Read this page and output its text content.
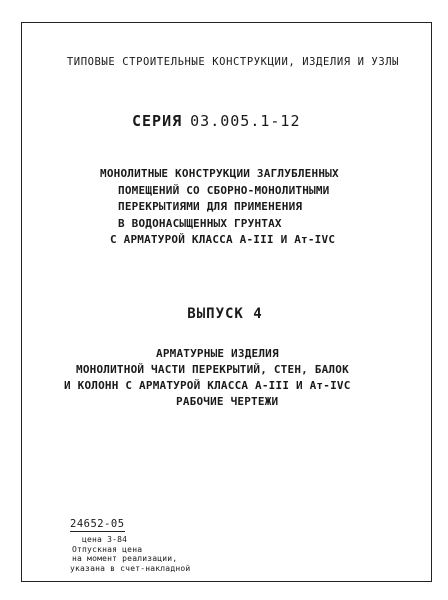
ТИПОВЫЕ СТРОИТЕЛЬНЫЕ КОНСТРУКЦИИ, ИЗДЕЛИЯ И УЗЛЫ
СЕРИЯ 03.005.1-12
МОНОЛИТНЫЕ КОНСТРУКЦИИ ЗАГЛУБЛЕННЫХ
ПОМЕЩЕНИЙ СО СБОРНО-МОНОЛИТНЫМИ
ПЕРЕКРЫТИЯМИ ДЛЯ ПРИМЕНЕНИЯ
В ВОДОНАСЫЩЕННЫХ ГРУНТАХ
С АРМАТУРОЙ КЛАССА А-III И Ат-IVС
ВЫПУСК 4
АРМАТУРНЫЕ ИЗДЕЛИЯ
МОНОЛИТНОЙ ЧАСТИ ПЕРЕКРЫТИЙ, СТЕН, БАЛОК
И КОЛОНН С АРМАТУРОЙ КЛАССА А-III И Ат-IVС
РАБОЧИЕ ЧЕРТЕЖИ
24652-05
цена 3-84
Отпускная цена
на момент реализации,
указана в счет-накладной
